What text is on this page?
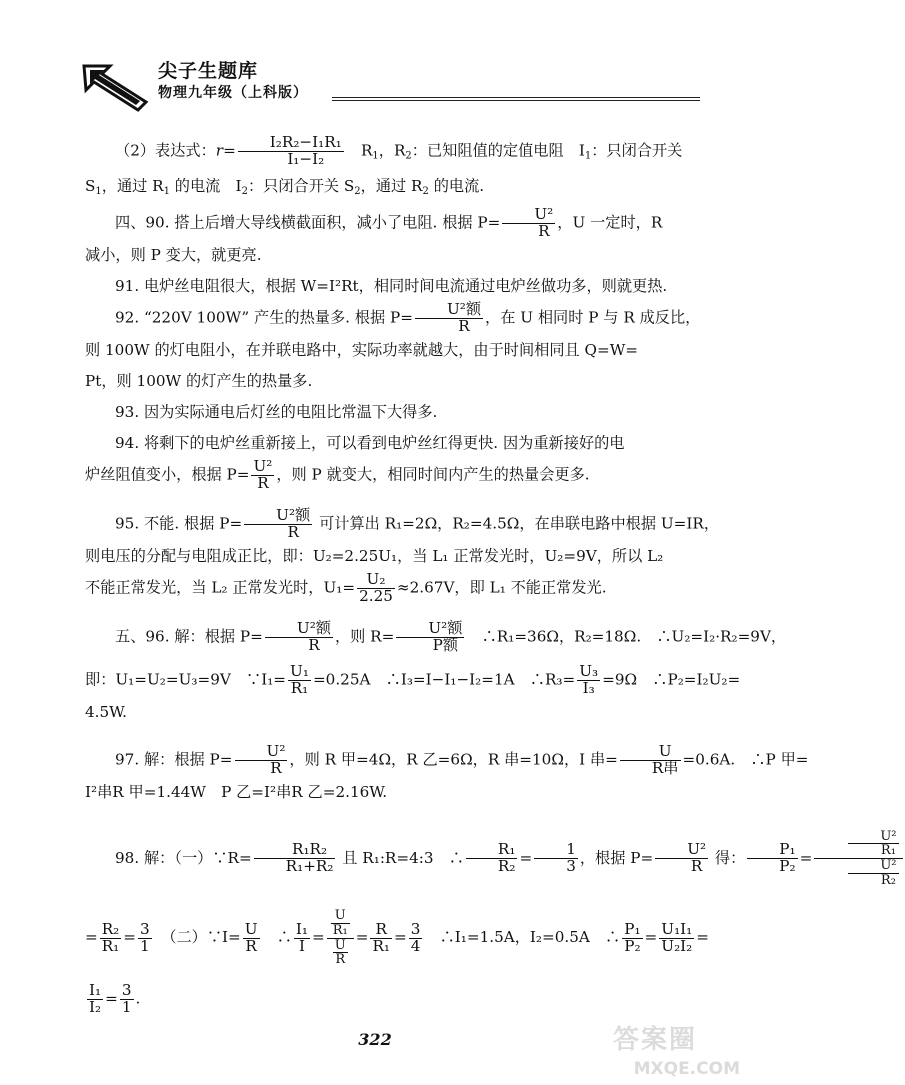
尖子生题库
物理九年级（上科版）

（2）表达式：$r= \frac{\text{I₂R₂−I₁R₁}}{\text{I₁−I₂}}$
　 $R_1$，$R_2$：已知阻值的定值电阻　$I_1$：只闭合开关

$S_1$，通过 $R_1$ 的电流　$I_2$：只闭合开关 $S_2$，通过 $R_2$ 的电流.

四、90. 搭上后增大导线横截面积，减小了电阻. 根据 $P= \frac{\text{U²}}{R}$ ，U 一定时，R

减小，则 P 变大，就更亮.

91. 电炉丝电阻很大，根据 W=I²Rt，相同时间电流通过电炉丝做功多，则就更热.

92. “220V 100W” 产生的热量多. 根据 P=	U²额
R	，在 U 相同时 P 与 R 成反比，

则 100W 的灯电阻小，在并联电路中，实际功率就越大，由于时间相同且 Q=W=

Pt，则 100W 的灯产生的热量多.

93. 因为实际通电后灯丝的电阻比常温下大得多.

94. 将剩下的电炉丝重新接上，可以看到电炉丝红得更快. 因为重新接好的电

炉丝阻值变小，根据 $P= \frac{\text{U²}}{R}$ ，则 P 就变大，相同时间内产生的热量会更多.

95. 不能. 根据 P=	U²额
R	可计算出 R₁=2Ω，R₂=4.5Ω，在串联电路中根据 U=IR，

则电压的分配与电阻成正比，即：U₂=2.25U₁，当 L₁ 正常发光时，U₂=9V，所以 L₂

不能正常发光，当 L₂ 正常发光时，$U_1= \frac{\text{U₂}}{2.25} \approx 2.67V$，即 L₁ 不能正常发光.

五、96. 解：根据 P=	U²额
R	，则 R=	U²额
P额 　∴R₁=36Ω，R₂=18Ω.　∴U₂=I₂·R₂=9V，

即：U₁=U₂=U₃=9V　∵I₁= $\frac{\text{U₁}}{\text{R₁}} =0.25A$　∴I₃=I−I₁−I₂=1A　∴R₃= $\frac{\text{U₃}}{\text{I₃}} =9\Omega$　∴P₂=I₂U₂=

4.5W.

97. 解：根据 $P= \frac{\text{U²}}{R}$ ，则 R 甲=4Ω，R 乙=6Ω，R 串=10Ω，I 串=	U
R串 =0.6A.　∴P 甲=

I²串R 甲=1.44W　P 乙=I²串R 乙=2.16W.

98. 解：（一）∵R= $\frac{\text{R₁R₂}}{\text{R₁+R₂}}$ 且 R₁:R=4:3　∴ $\frac{\text{R₁}}{\text{R₂}} = \frac{1}{3}$ ，根据 $P= \frac{\text{U²}}{R}$ 得： $\frac{\text{P₁}}{\text{P₂}} = \frac{\frac{\text{U²}}{\text{R₁}}}{\frac{\text{U²}}{\text{R₂}}}$

= $\frac{\text{R₂}}{\text{R₁}} = \frac{3}{1}$ 　（二）∵I= $\frac{U}{R}$ 　∴ $\frac{\text{I₁}}{I} = \frac{\frac{U}{\text{R₁}}}{\frac{U}{R}} = \frac{R}{\text{R₁}} = \frac{3}{4}$ 　∴I₁=1.5A，I₂=0.5A　∴ $\frac{\text{P₁}}{\text{P₂}} = \frac{\text{U₁I₁}}{\text{U₂I₂}}$ =

$\frac{\text{I₁}}{\text{I₂}} = \frac{3}{1}$ .

322	答案圈
MXQE.COM
